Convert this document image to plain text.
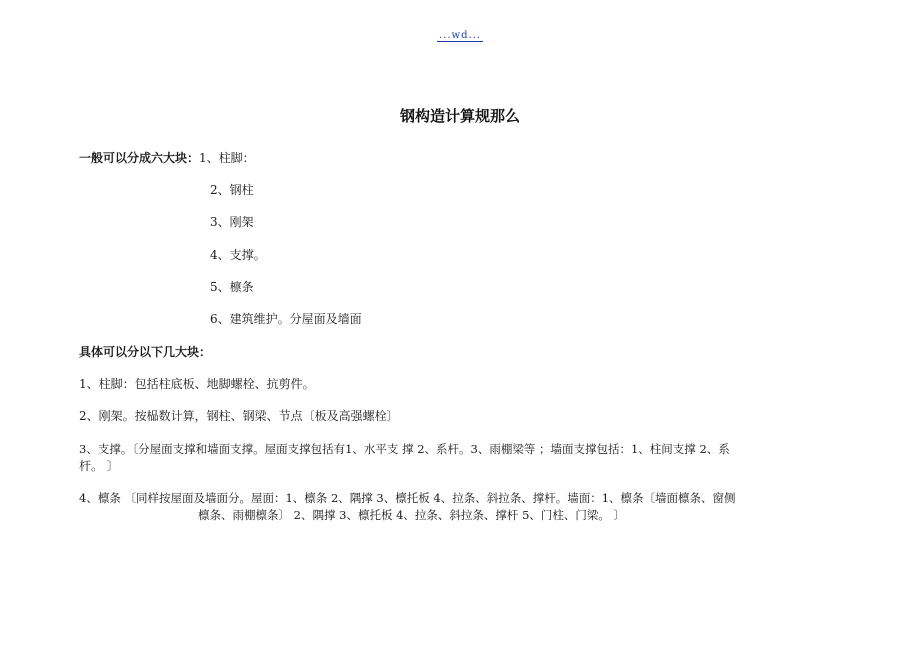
...wd...
钢构造计算规那么
一般可以分成六大块：1、柱脚：
2、钢柱
3、刚架
4、支撑。
5、檩条
6、建筑维护。分屋面及墙面
具体可以分以下几大块：
1、柱脚：包括柱底板、地脚螺栓、抗剪件。
2、刚架。按榀数计算，钢柱、钢梁、节点〔板及高强螺栓〕
3、支撑。〔分屋面支撑和墙面支撑。屋面支撑包括有1、水平支 撑 2、系杆。3、雨棚梁等 ；墙面支撑包括：1、柱间支撑 2、系
杆。 〕
4、檩条 〔同样按屋面及墙面分。屋面：1、檩条 2、隅撑 3、檩托板 4、拉条、斜拉条、撑杆。墙面：1、檩条〔墙面檩条、窗侧
檩条、雨棚檩条〕 2、隅撑 3、檩托板 4、拉条、斜拉条、撑杆 5、门柱、门梁。 〕
